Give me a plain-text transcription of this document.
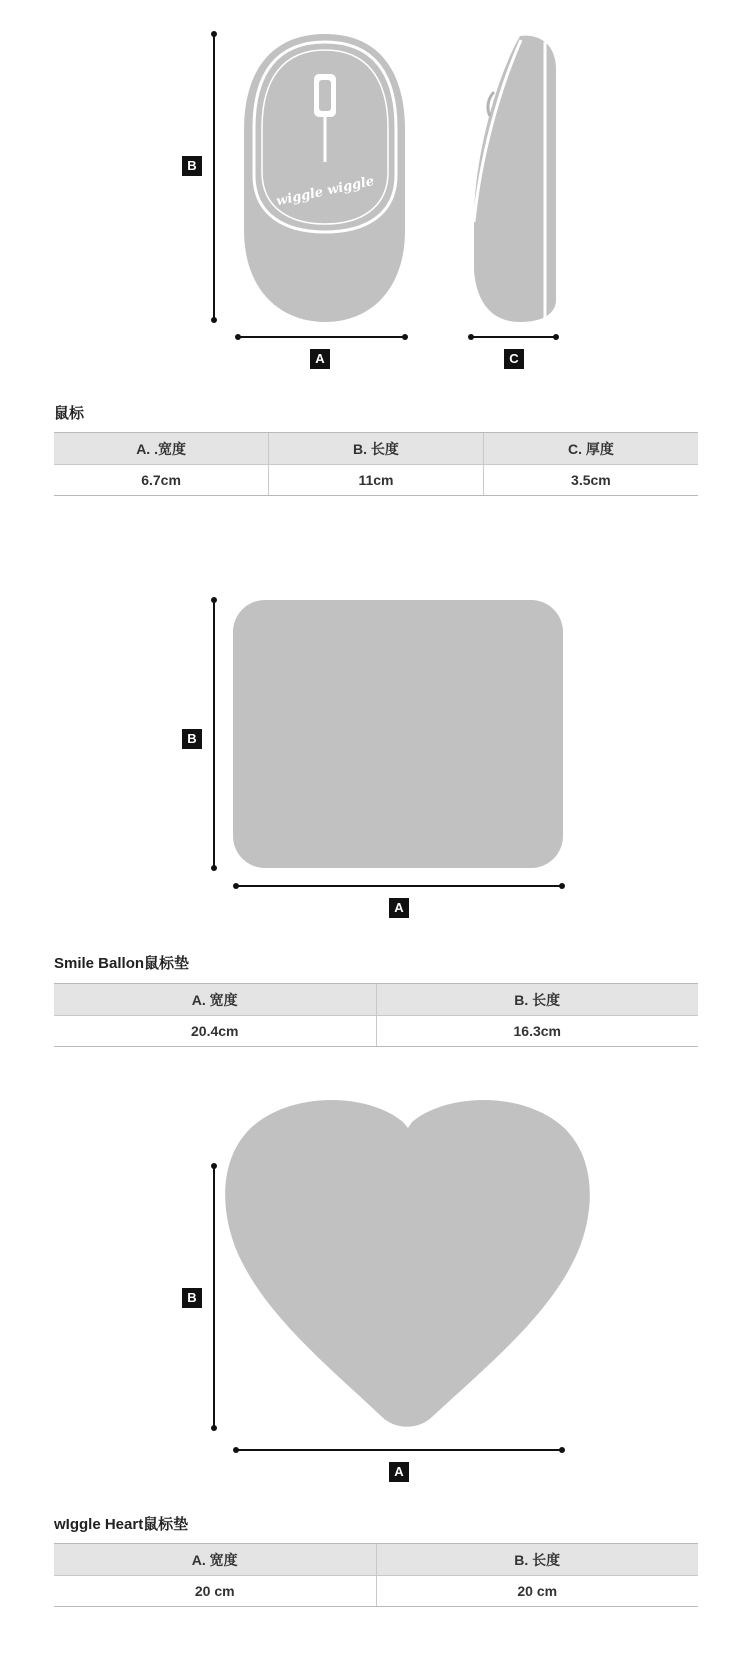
wiggle wiggle
B
A	C
鼠标
A. .宽度	B. 长度	C. 厚度
6.7cm	11cm	3.5cm
B
A
Smile Ballon鼠标垫
A. 宽度	B. 长度
20.4cm	16.3cm
B
A
wIggle Heart鼠标垫
A. 宽度	B. 长度
20 cm	20 cm
